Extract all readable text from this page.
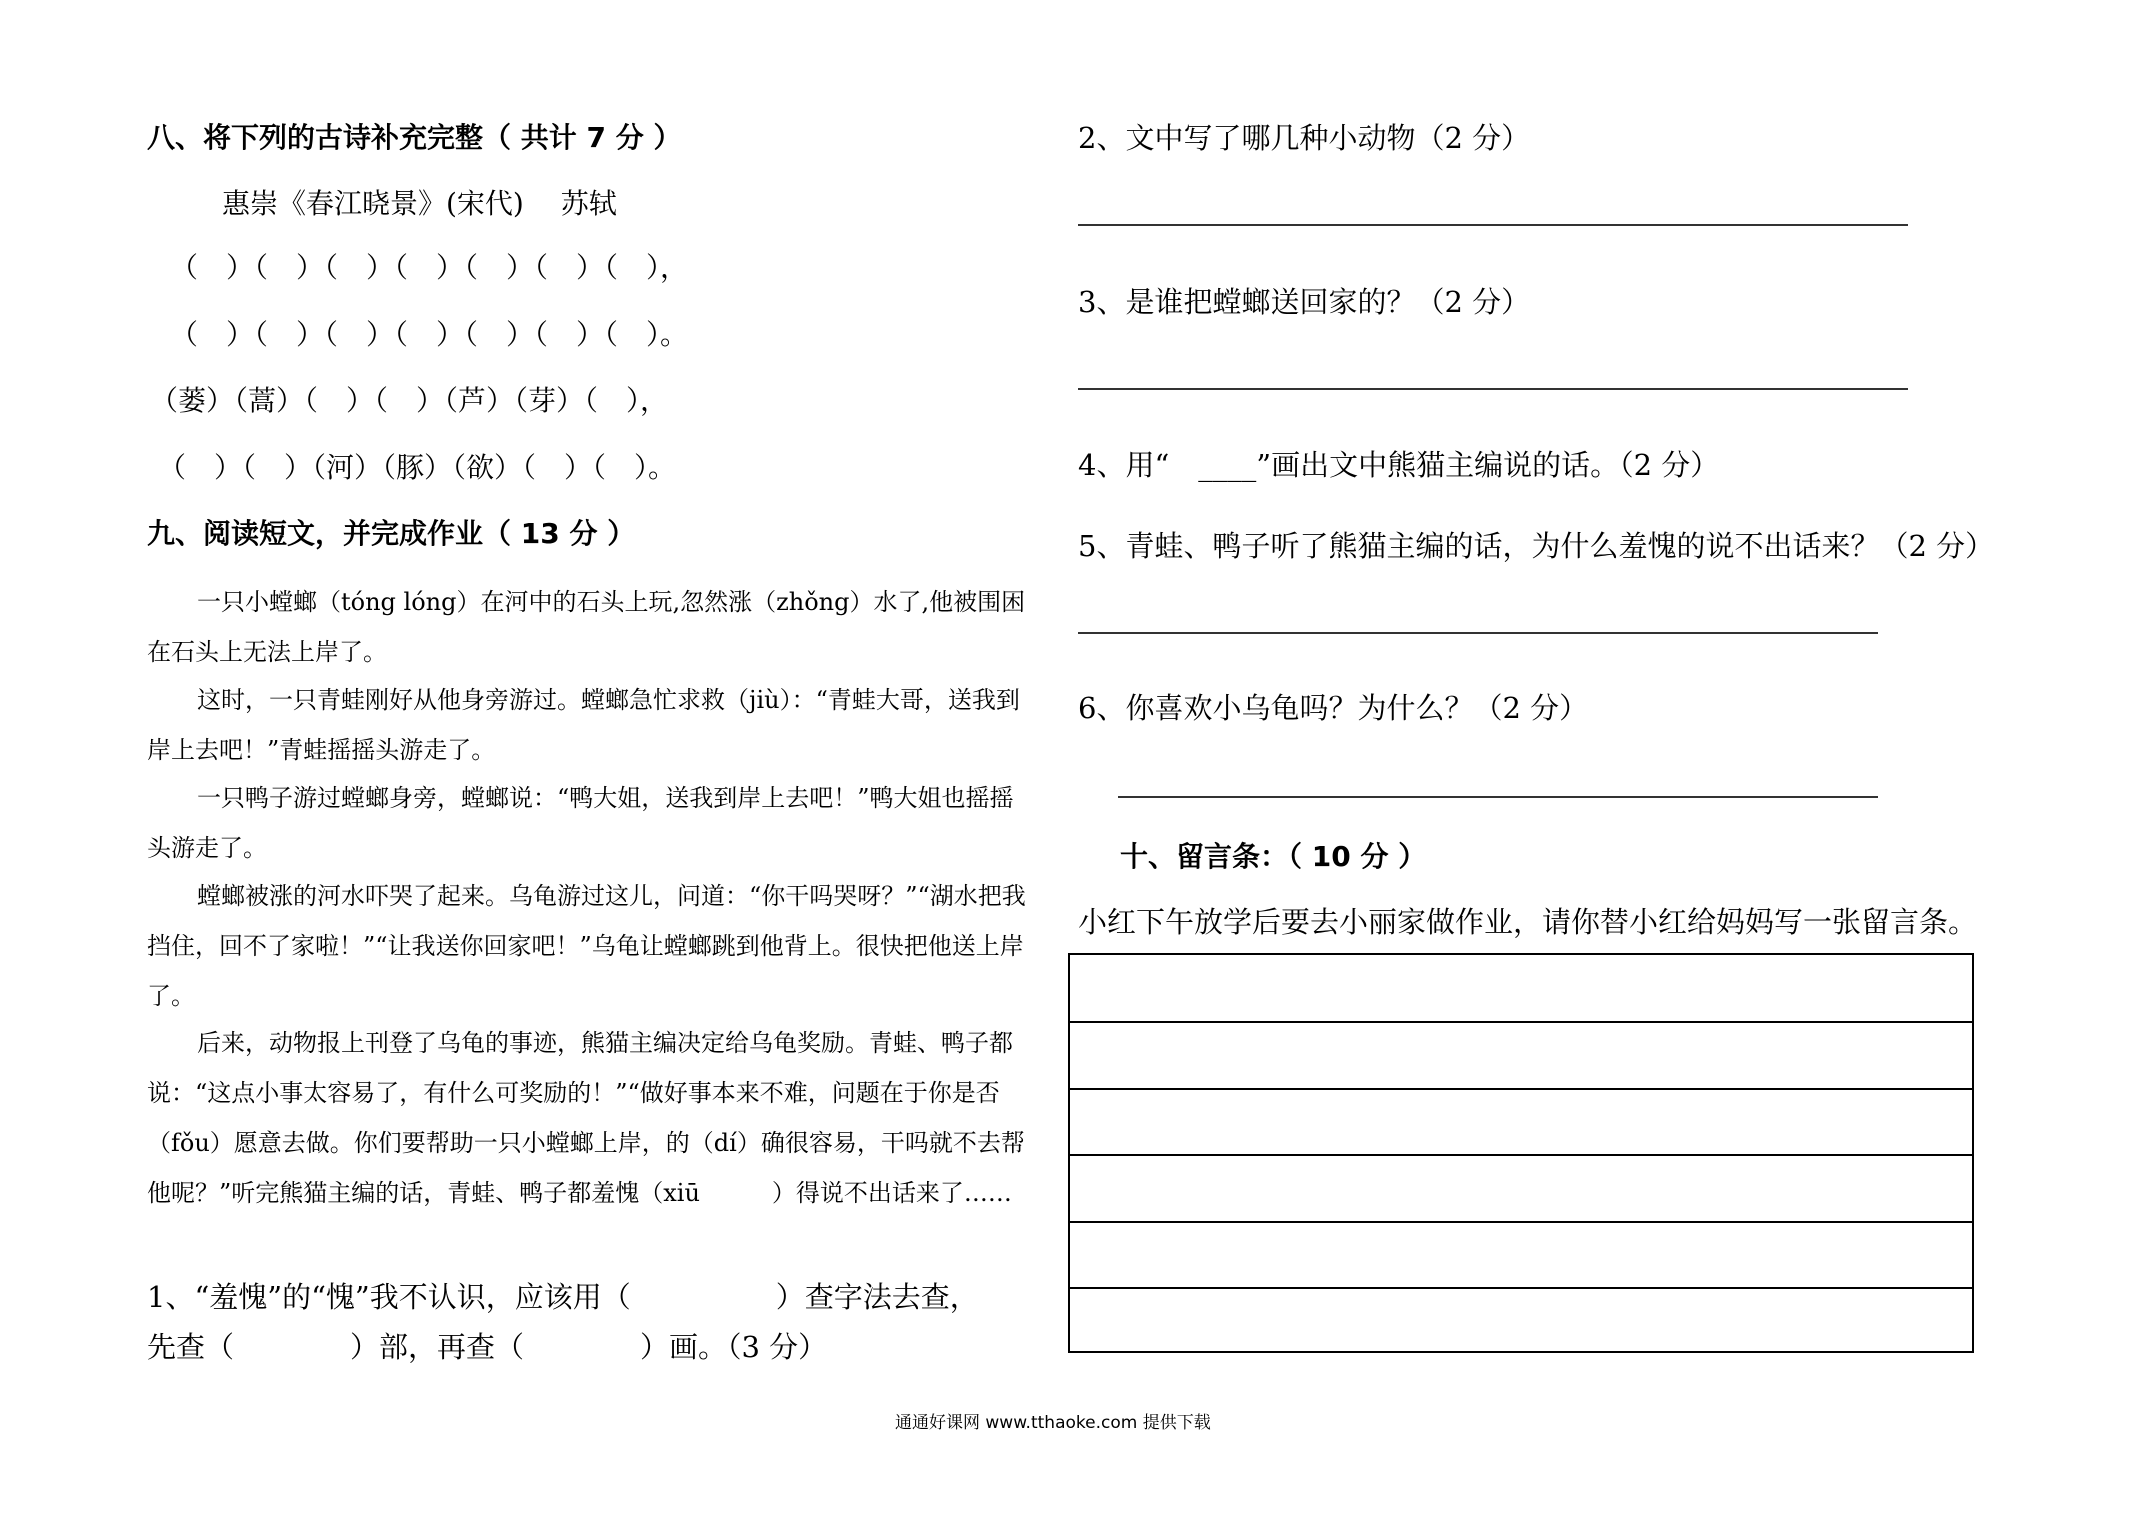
八、将下列的古诗补充完整（ 共计 7 分 ）
惠崇《春江晓景》(宋代)　 苏轼
（　）（　）（　）（　）（　）（　）（　），
（　）（　）（　）（　）（　）（　）（　）。
（蒌）（蒿）（　）（　）（芦）（芽）（　），
（　）（　）（河）（豚）（欲）（　）（　）。
九、阅读短文，并完成作业（ 13 分 ）
一只小螳螂（tóng lóng）在河中的石头上玩,忽然涨（zhǒng）水了,他被围困在石头上无法上岸了。
这时，一只青蛙刚好从他身旁游过。螳螂急忙求救（jiù）：“青蛙大哥，送我到岸上去吧！”青蛙摇摇头游走了。
一只鸭子游过螳螂身旁，螳螂说：“鸭大姐，送我到岸上去吧！”鸭大姐也摇摇头游走了。
螳螂被涨的河水吓哭了起来。乌龟游过这儿，问道：“你干吗哭呀？”“湖水把我挡住，回不了家啦！”“让我送你回家吧！”乌龟让螳螂跳到他背上。很快把他送上岸了。
后来，动物报上刊登了乌龟的事迹，熊猫主编决定给乌龟奖励。青蛙、鸭子都说：“这点小事太容易了，有什么可奖励的！”“做好事本来不难，问题在于你是否（fǒu）愿意去做。你们要帮助一只小螳螂上岸，的（dí）确很容易，干吗就不去帮他呢？”听完熊猫主编的话，青蛙、鸭子都羞愧（xiū　　　）得说不出话来了……
1、“羞愧”的“愧”我不认识，应该用（　　　　　）查字法去查，
先查（　　　　）部，再查（　　　　）画。（3 分）
2、文中写了哪几种小动物（2 分）
3、是谁把螳螂送回家的？（2 分）
4、用“　____”画出文中熊猫主编说的话。（2 分）
5、青蛙、鸭子听了熊猫主编的话，为什么羞愧的说不出话来？（2 分）
6、你喜欢小乌龟吗？为什么？（2 分）
十、留言条：（ 10 分 ）
小红下午放学后要去小丽家做作业，请你替小红给妈妈写一张留言条。
通通好课网 www.tthaoke.com 提供下载
